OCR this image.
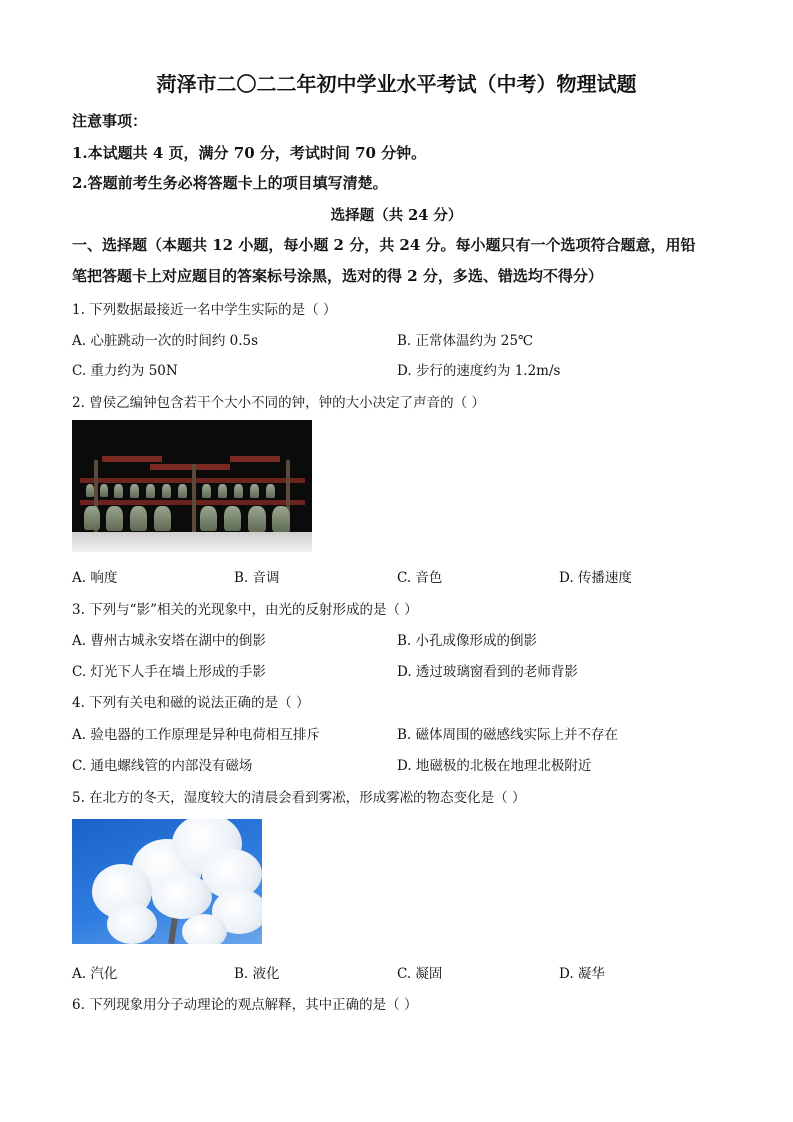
菏泽市二〇二二年初中学业水平考试（中考）物理试题
注意事项：
1.本试题共 4 页，满分 70 分，考试时间 70 分钟。
2.答题前考生务必将答题卡上的项目填写清楚。
选择题（共 24 分）
一、选择题（本题共 12 小题，每小题 2 分，共 24 分。每小题只有一个选项符合题意，用铅
笔把答题卡上对应题目的答案标号涂黑，选对的得 2 分，多选、错选均不得分）
1. 下列数据最接近一名中学生实际的是（ ）
A. 心脏跳动一次的时间约 0.5s	B. 正常体温约为 25℃
C. 重力约为 50N	D. 步行的速度约为 1.2m/s
2. 曾侯乙编钟包含若干个大小不同的钟，钟的大小决定了声音的（ ）
A. 响度	B. 音调	C. 音色	D. 传播速度
3. 下列与“影”相关的光现象中，由光的反射形成的是（ ）
A. 曹州古城永安塔在湖中的倒影	B. 小孔成像形成的倒影
C. 灯光下人手在墙上形成的手影	D. 透过玻璃窗看到的老师背影
4. 下列有关电和磁的说法正确的是（ ）
A. 验电器的工作原理是异种电荷相互排斥	B. 磁体周围的磁感线实际上并不存在
C. 通电螺线管的内部没有磁场	D. 地磁极的北极在地理北极附近
5. 在北方的冬天，湿度较大的清晨会看到雾凇，形成雾凇的物态变化是（ ）
A. 汽化	B. 液化	C. 凝固	D. 凝华
6. 下列现象用分子动理论的观点解释，其中正确的是（ ）
